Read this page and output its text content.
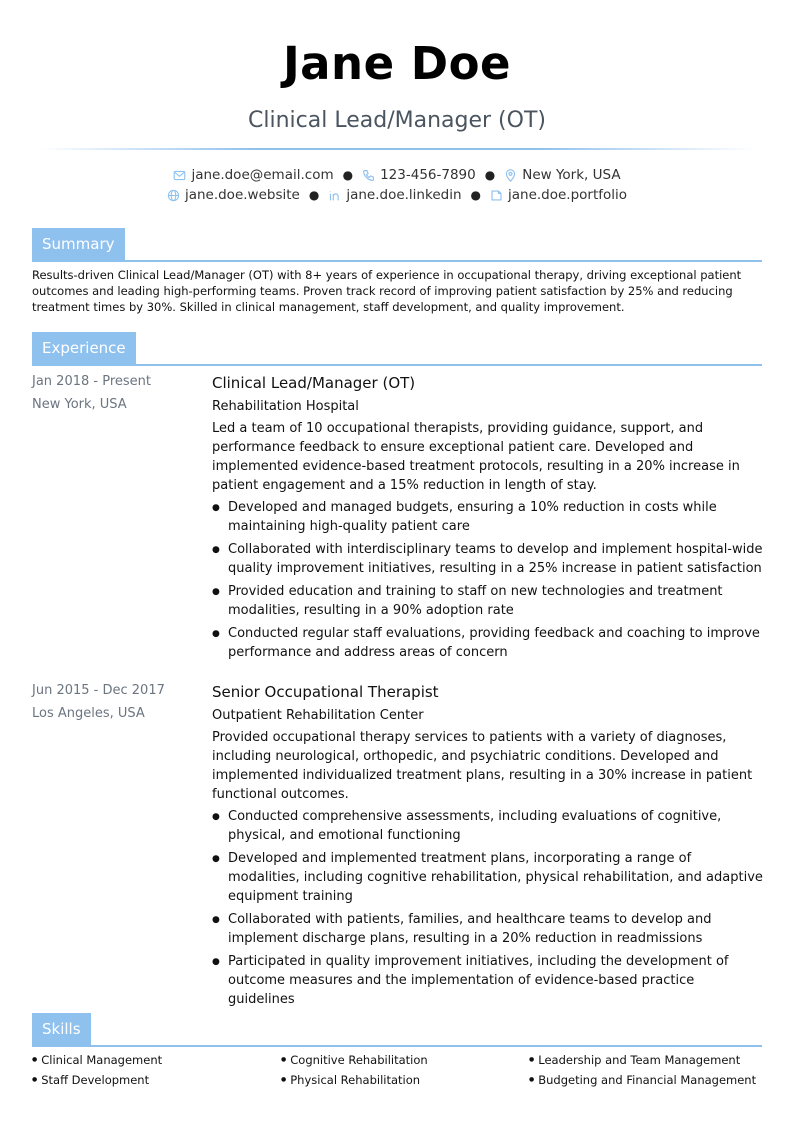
Jane Doe
Clinical Lead/Manager (OT)
jane.doe@email.com ● 123-456-7890 ● New York, USA
jane.doe.website ● jane.doe.linkedin ● jane.doe.portfolio
Summary
Results-driven Clinical Lead/Manager (OT) with 8+ years of experience in occupational therapy, driving exceptional patient outcomes and leading high-performing teams. Proven track record of improving patient satisfaction by 25% and reducing treatment times by 30%. Skilled in clinical management, staff development, and quality improvement.
Experience
Jan 2018 - Present
New York, USA
Clinical Lead/Manager (OT)
Rehabilitation Hospital
Led a team of 10 occupational therapists, providing guidance, support, and performance feedback to ensure exceptional patient care. Developed and implemented evidence-based treatment protocols, resulting in a 20% increase in patient engagement and a 15% reduction in length of stay.
● Developed and managed budgets, ensuring a 10% reduction in costs while maintaining high-quality patient care
● Collaborated with interdisciplinary teams to develop and implement hospital-wide quality improvement initiatives, resulting in a 25% increase in patient satisfaction
● Provided education and training to staff on new technologies and treatment modalities, resulting in a 90% adoption rate
● Conducted regular staff evaluations, providing feedback and coaching to improve performance and address areas of concern
Jun 2015 - Dec 2017
Los Angeles, USA
Senior Occupational Therapist
Outpatient Rehabilitation Center
Provided occupational therapy services to patients with a variety of diagnoses, including neurological, orthopedic, and psychiatric conditions. Developed and implemented individualized treatment plans, resulting in a 30% increase in patient functional outcomes.
● Conducted comprehensive assessments, including evaluations of cognitive, physical, and emotional functioning
● Developed and implemented treatment plans, incorporating a range of modalities, including cognitive rehabilitation, physical rehabilitation, and adaptive equipment training
● Collaborated with patients, families, and healthcare teams to develop and implement discharge plans, resulting in a 20% reduction in readmissions
● Participated in quality improvement initiatives, including the development of outcome measures and the implementation of evidence-based practice guidelines
Skills
● Clinical Management	● Cognitive Rehabilitation	● Leadership and Team Management
● Staff Development	● Physical Rehabilitation	● Budgeting and Financial Management
